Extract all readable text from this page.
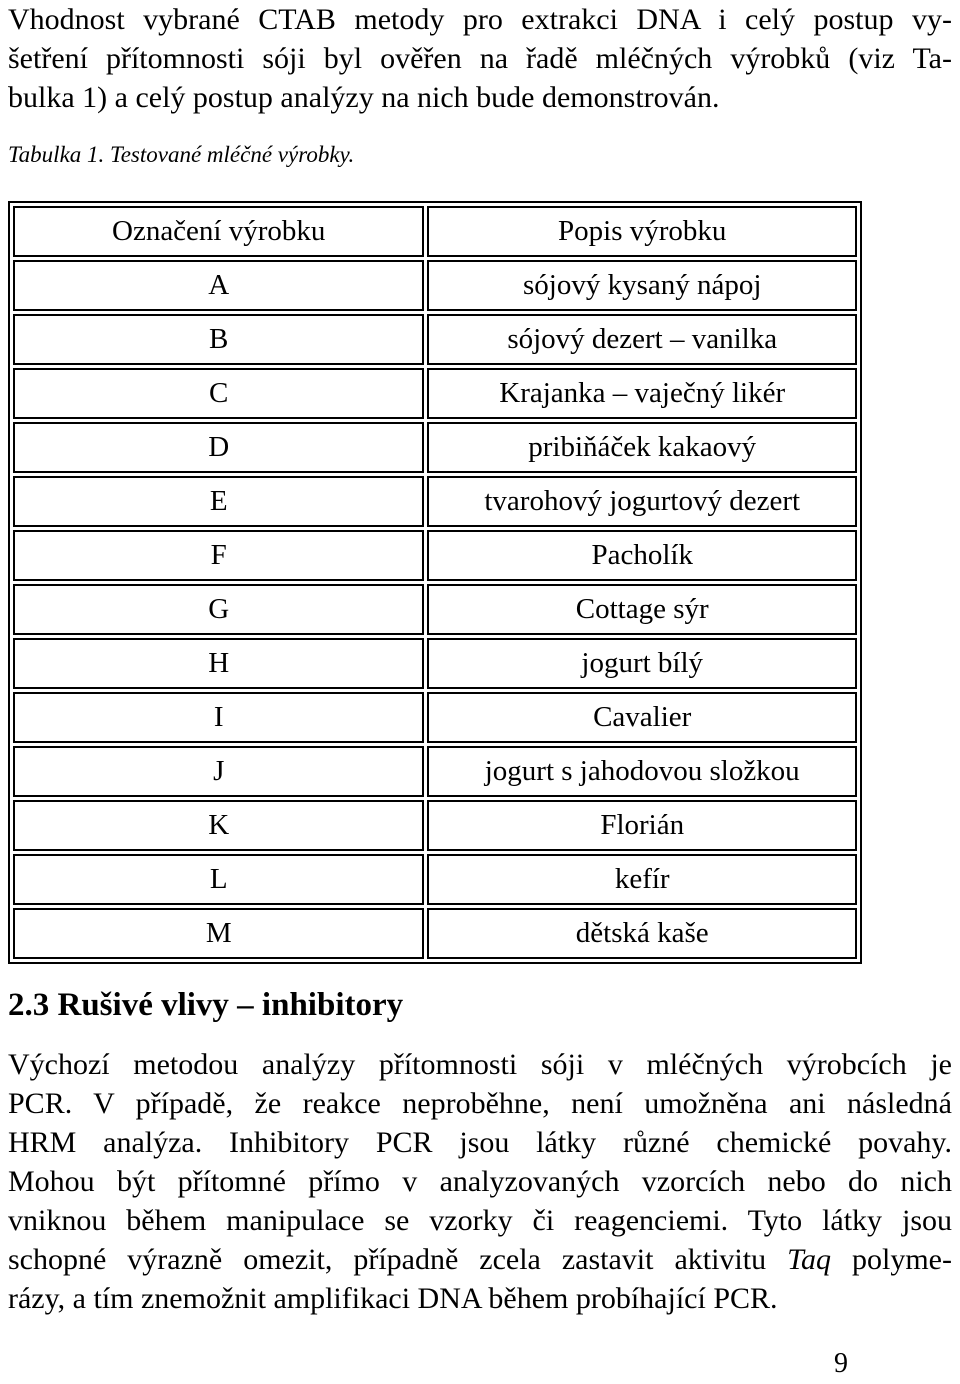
Vhodnost vybrané CTAB metody pro extrakci DNA i celý postup vy-
šetření přítomnosti sóji byl ověřen na řadě mléčných výrobků (viz Ta-
bulka 1) a celý postup analýzy na nich bude demonstrován.

Tabulka 1. Testované mléčné výrobky.

Označení výrobku	Popis výrobku
A	sójový kysaný nápoj
B	sójový dezert – vanilka
C	Krajanka – vaječný likér
D	pribiňáček kakaový
E	tvarohový jogurtový dezert
F	Pacholík
G	Cottage sýr
H	jogurt bílý
I	Cavalier
J	jogurt s jahodovou složkou
K	Florián
L	kefír
M	dětská kaše
2.3 Rušivé vlivy – inhibitory
Výchozí metodou analýzy přítomnosti sóji v mléčných výrobcích je
PCR. V případě, že reakce neproběhne, není umožněna ani následná
HRM analýza. Inhibitory PCR jsou látky různé chemické povahy.
Mohou být přítomné přímo v analyzovaných vzorcích nebo do nich
vniknou během manipulace se vzorky či reagenciemi. Tyto látky jsou
schopné výrazně omezit, případně zcela zastavit aktivitu Taq polyme-
rázy, a tím znemožnit amplifikaci DNA během probíhající PCR.
9
